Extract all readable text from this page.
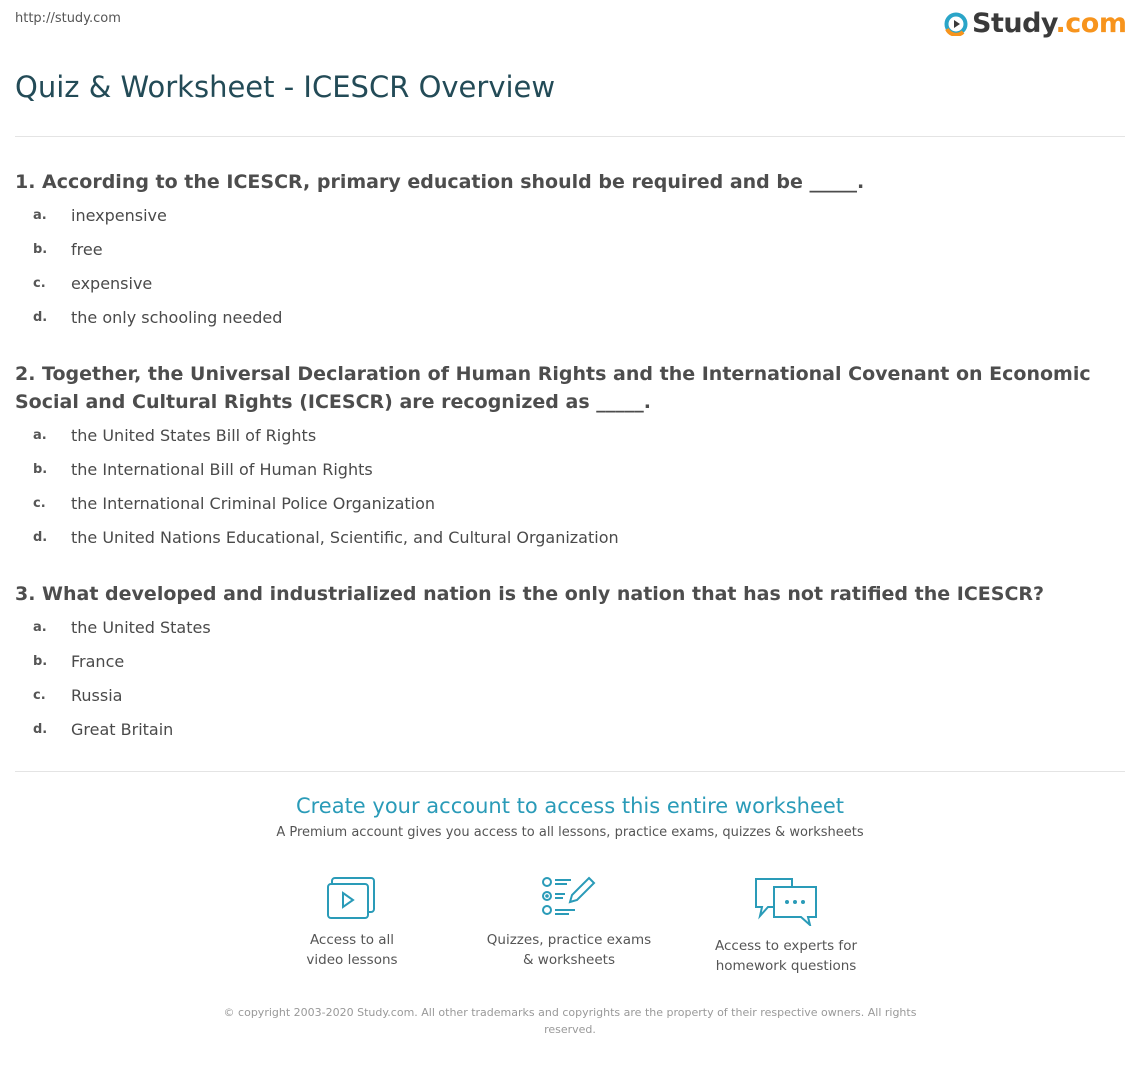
http://study.com	Study.com
Quiz & Worksheet - ICESCR Overview
1. According to the ICESCR, primary education should be required and be _____.
a.	inexpensive
b.	free
c.	expensive
d.	the only schooling needed
2. Together, the Universal Declaration of Human Rights and the International Covenant on Economic Social and Cultural Rights (ICESCR) are recognized as _____.
a.	the United States Bill of Rights
b.	the International Bill of Human Rights
c.	the International Criminal Police Organization
d.	the United Nations Educational, Scientific, and Cultural Organization
3. What developed and industrialized nation is the only nation that has not ratified the ICESCR?
a.	the United States
b.	France
c.	Russia
d.	Great Britain
Create your account to access this entire worksheet
A Premium account gives you access to all lessons, practice exams, quizzes & worksheets
Access to all
video lessons
Quizzes, practice exams
& worksheets
Access to experts for
homework questions
© copyright 2003-2020 Study.com. All other trademarks and copyrights are the property of their respective owners. All rights reserved.
